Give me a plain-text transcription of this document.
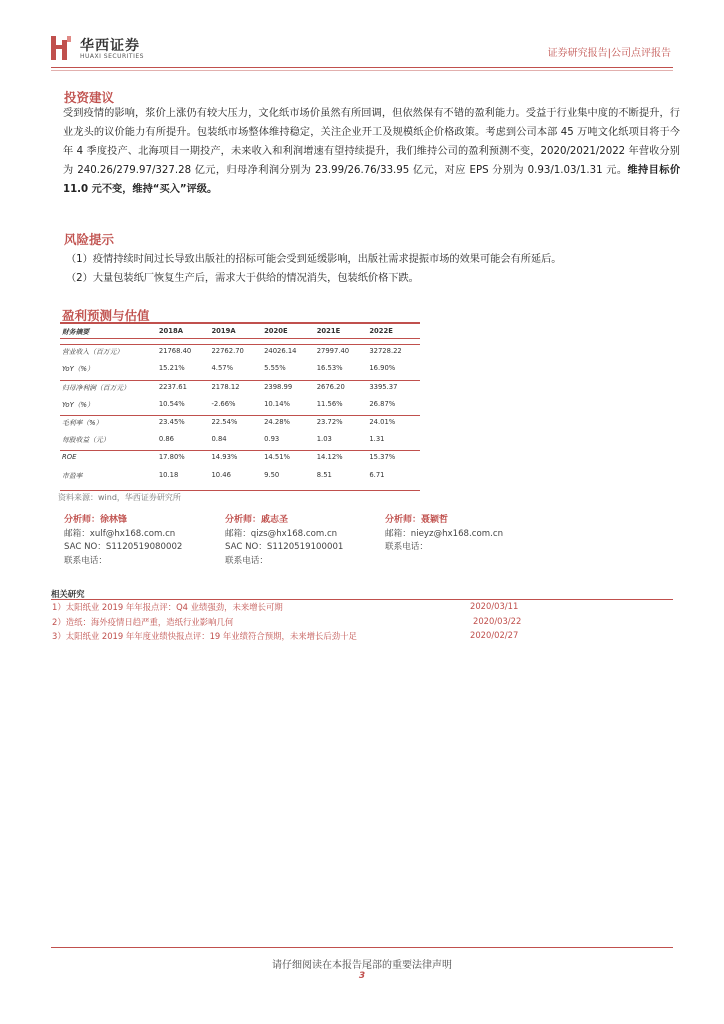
华西证券
HUAXI SECURITIES	证券研究报告|公司点评报告
投资建议
受到疫情的影响，浆价上涨仍有较大压力，文化纸市场价虽然有所回调，但依然保有不错的盈利能力。受益于行业集中度的不断提升，行业龙头的议价能力有所提升。包装纸市场整体维持稳定，关注企业开工及规模纸企价格政策。考虑到公司本部 45 万吨文化纸项目将于今年 4 季度投产、北海项目一期投产，未来收入和利润增速有望持续提升，我们维持公司的盈利预测不变，2020/2021/2022 年营收分别为 240.26/279.97/327.28 亿元，归母净利润分别为 23.99/26.76/33.95 亿元，对应 EPS 分别为 0.93/1.03/1.31 元。维持目标价 11.0 元不变，维持“买入”评级。
风险提示
（1）疫情持续时间过长导致出版社的招标可能会受到延缓影响，出版社需求提振市场的效果可能会有所延后。
（2）大量包装纸厂恢复生产后，需求大于供给的情况消失，包装纸价格下跌。
盈利预测与估值
财务摘要	2018A	2019A	2020E	2021E	2022E

营业收入（百万元）	21768.40	22762.70	24026.14	27997.40	32728.22

YoY（%）	15.21%	4.57%	5.55%	16.53%	16.90%

归母净利润（百万元）	2237.61	2178.12	2398.99	2676.20	3395.37

YoY（%）	10.54%	-2.66%	10.14%	11.56%	26.87%

毛利率（%）	23.45%	22.54%	24.28%	23.72%	24.01%

每股收益（元）	0.86	0.84	0.93	1.03	1.31

ROE	17.80%	14.93%	14.51%	14.12%	15.37%

市盈率	10.18	10.46	9.50	8.51	6.71
资料来源：wind，华西证券研究所
分析师：徐林锋
邮箱：xulf@hx168.com.cn
SAC NO：S1120519080002
联系电话：
分析师：戚志圣
邮箱：qizs@hx168.com.cn
SAC NO：S1120519100001
联系电话：
分析师：聂颖哲
邮箱：nieyz@hx168.com.cn
联系电话：
相关研究
1）太阳纸业 2019 年年报点评：Q4 业绩强劲，未来增长可期	2020/03/11
2）造纸：海外疫情日趋严重，造纸行业影响几何	2020/03/22
3）太阳纸业 2019 年年度业绩快报点评：19 年业绩符合预期，未来增长后劲十足	2020/02/27
请仔细阅读在本报告尾部的重要法律声明
3
